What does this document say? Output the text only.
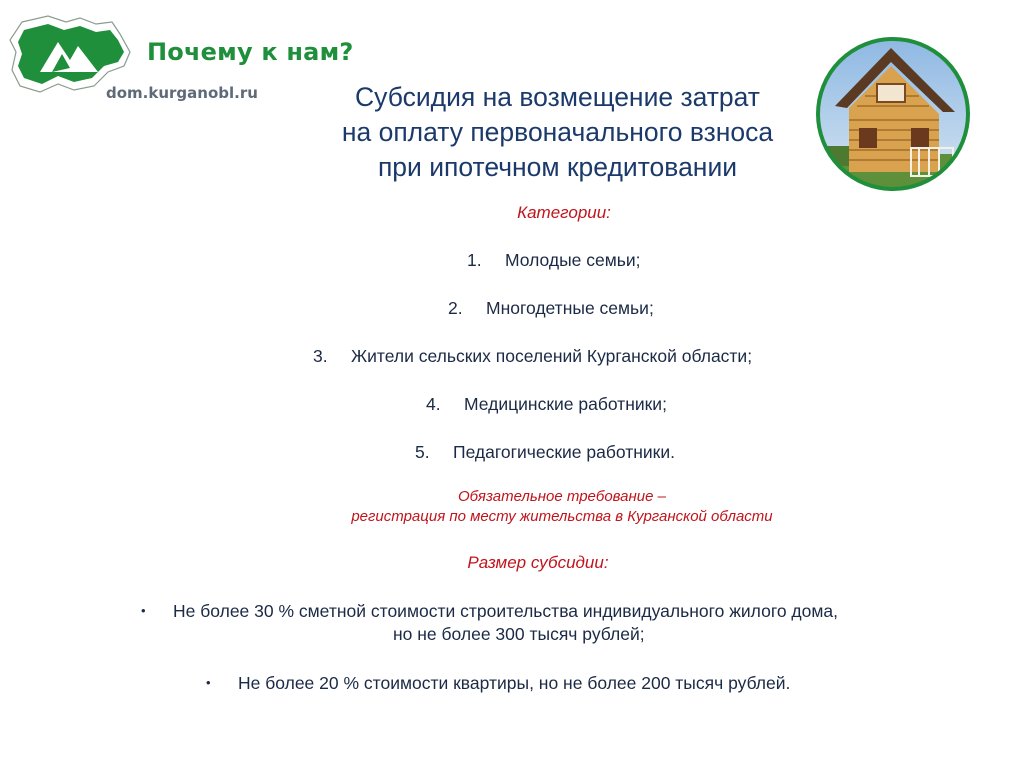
Почему к нам?
dom.kurganobl.ru	Субсидия на возмещение затрат
на оплату первоначального взноса
при ипотечном кредитовании
Категории:
1. Молодые семьи;
2. Многодетные семьи;
3. Жители сельских поселений Курганской области;
4. Медицинские работники;
5. Педагогические работники.
Обязательное требование –
регистрация по месту жительства в Курганской области
Размер субсидии:
• Не более 30 % сметной стоимости строительства индивидуального жилого дома,
но не более 300 тысяч рублей;
• Не более 20 % стоимости квартиры, но не более 200 тысяч рублей.
